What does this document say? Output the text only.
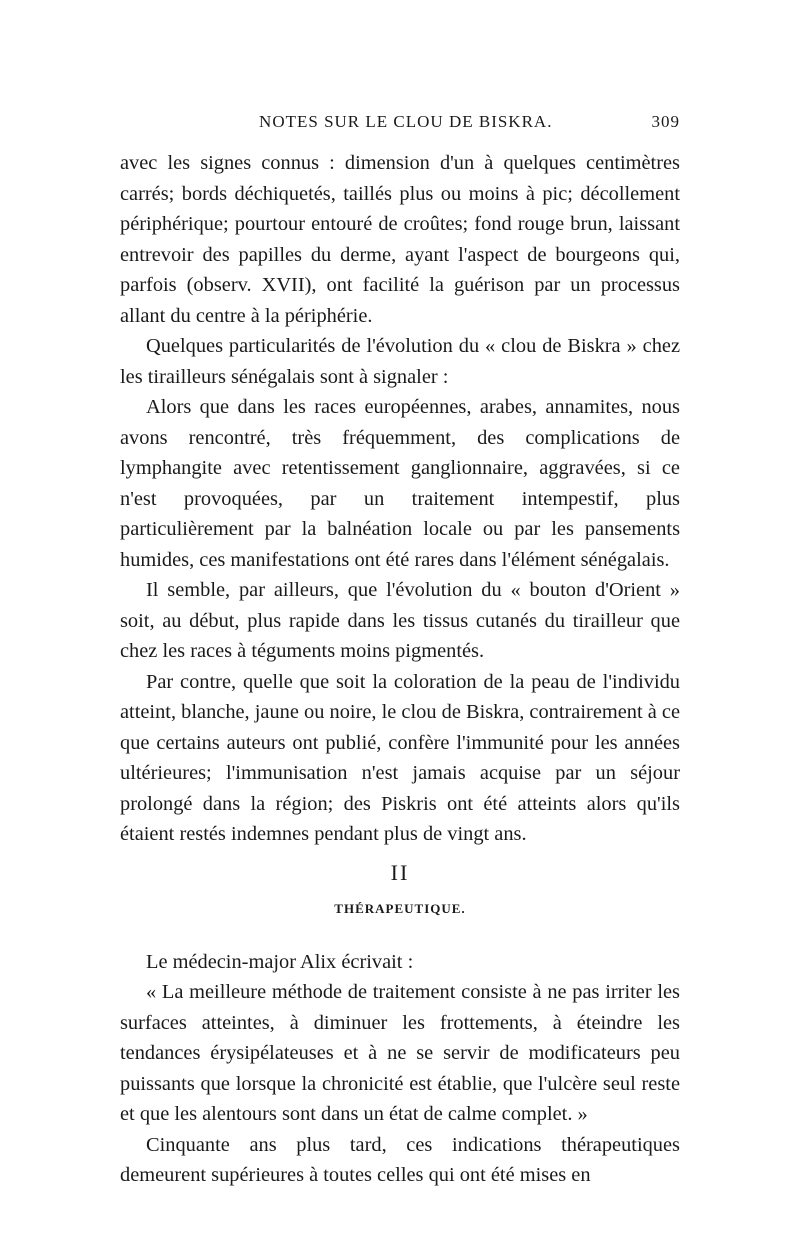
NOTES SUR LE CLOU DE BISKRA.	309

avec les signes connus : dimension d'un à quelques centimètres carrés; bords déchiquetés, taillés plus ou moins à pic; décollement périphérique; pourtour entouré de croûtes; fond rouge brun, laissant entrevoir des papilles du derme, ayant l'aspect de bourgeons qui, parfois (observ. XVII), ont facilité la guérison par un processus allant du centre à la périphérie.

Quelques particularités de l'évolution du « clou de Biskra » chez les tirailleurs sénégalais sont à signaler :

Alors que dans les races européennes, arabes, annamites, nous avons rencontré, très fréquemment, des complications de lymphangite avec retentissement ganglionnaire, aggravées, si ce n'est provoquées, par un traitement intempestif, plus particulièrement par la balnéation locale ou par les pansements humides, ces manifestations ont été rares dans l'élément sénégalais.

Il semble, par ailleurs, que l'évolution du « bouton d'Orient » soit, au début, plus rapide dans les tissus cutanés du tirailleur que chez les races à téguments moins pigmentés.

Par contre, quelle que soit la coloration de la peau de l'individu atteint, blanche, jaune ou noire, le clou de Biskra, contrairement à ce que certains auteurs ont publié, confère l'immunité pour les années ultérieures; l'immunisation n'est jamais acquise par un séjour prolongé dans la région; des Piskris ont été atteints alors qu'ils étaient restés indemnes pendant plus de vingt ans.

II
THÉRAPEUTIQUE.

Le médecin-major Alix écrivait :

« La meilleure méthode de traitement consiste à ne pas irriter les surfaces atteintes, à diminuer les frottements, à éteindre les tendances érysipélateuses et à ne se servir de modificateurs peu puissants que lorsque la chronicité est établie, que l'ulcère seul reste et que les alentours sont dans un état de calme complet. »

Cinquante ans plus tard, ces indications thérapeutiques demeurent supérieures à toutes celles qui ont été mises en
